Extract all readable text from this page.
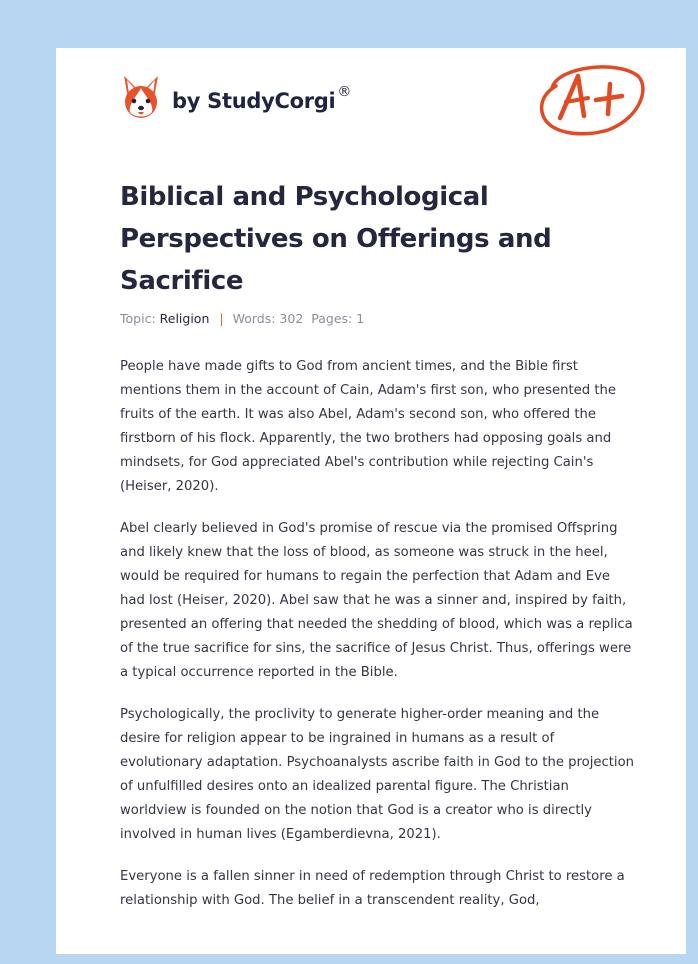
by StudyCorgi ®
Biblical and Psychological Perspectives on Offerings and Sacrifice
Topic: Religion | Words: 302 Pages: 1

People have made gifts to God from ancient times, and the Bible first mentions them in the account of Cain, Adam's first son, who presented the fruits of the earth. It was also Abel, Adam's second son, who offered the firstborn of his flock. Apparently, the two brothers had opposing goals and mindsets, for God appreciated Abel's contribution while rejecting Cain's (Heiser, 2020).

Abel clearly believed in God's promise of rescue via the promised Offspring and likely knew that the loss of blood, as someone was struck in the heel, would be required for humans to regain the perfection that Adam and Eve had lost (Heiser, 2020). Abel saw that he was a sinner and, inspired by faith, presented an offering that needed the shedding of blood, which was a replica of the true sacrifice for sins, the sacrifice of Jesus Christ. Thus, offerings were a typical occurrence reported in the Bible.

Psychologically, the proclivity to generate higher-order meaning and the desire for religion appear to be ingrained in humans as a result of evolutionary adaptation. Psychoanalysts ascribe faith in God to the projection of unfulfilled desires onto an idealized parental figure. The Christian worldview is founded on the notion that God is a creator who is directly involved in human lives (Egamberdievna, 2021).

Everyone is a fallen sinner in need of redemption through Christ to restore a relationship with God. The belief in a transcendent reality, God,
